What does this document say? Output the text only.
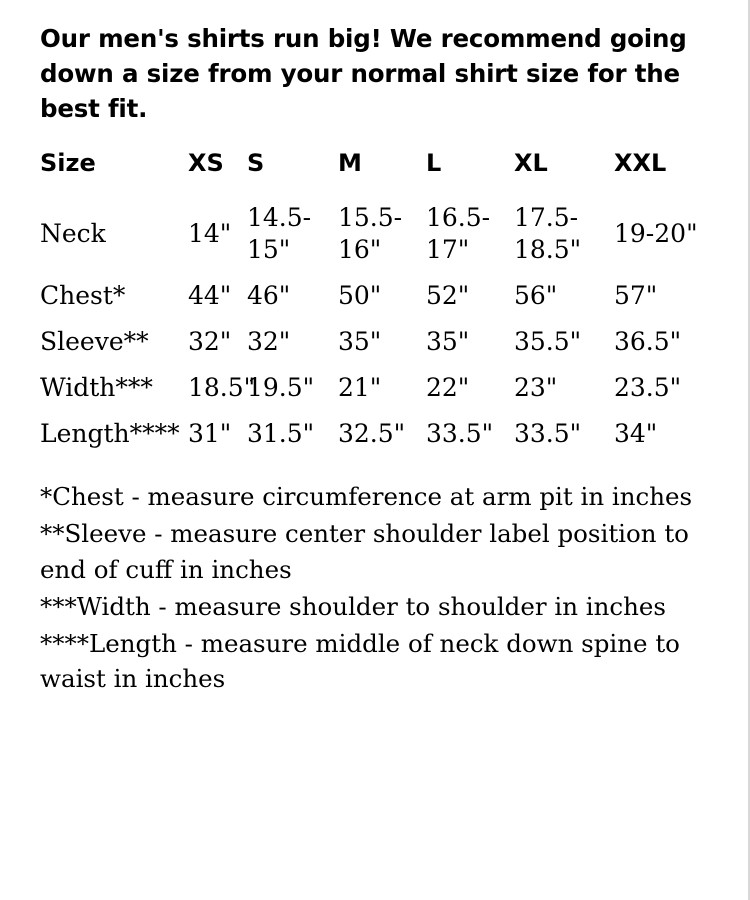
Our men's shirts run big! We recommend going down a size from your normal shirt size for the best fit.

Size	XS	S	M	L	XL	XXL
Neck	14"	14.5-15"	15.5-16"	16.5-17"	17.5-18.5"	19-20"
Chest*	44"	46"	50"	52"	56"	57"
Sleeve**	32"	32"	35"	35"	35.5"	36.5"
Width***	18.5"	19.5"	21"	22"	23"	23.5"
Length****	31"	31.5"	32.5"	33.5"	33.5"	34"

*Chest - measure circumference at arm pit in inches

**Sleeve - measure center shoulder label position to end of cuff in inches

***Width - measure shoulder to shoulder in inches

****Length - measure middle of neck down spine to waist in inches
